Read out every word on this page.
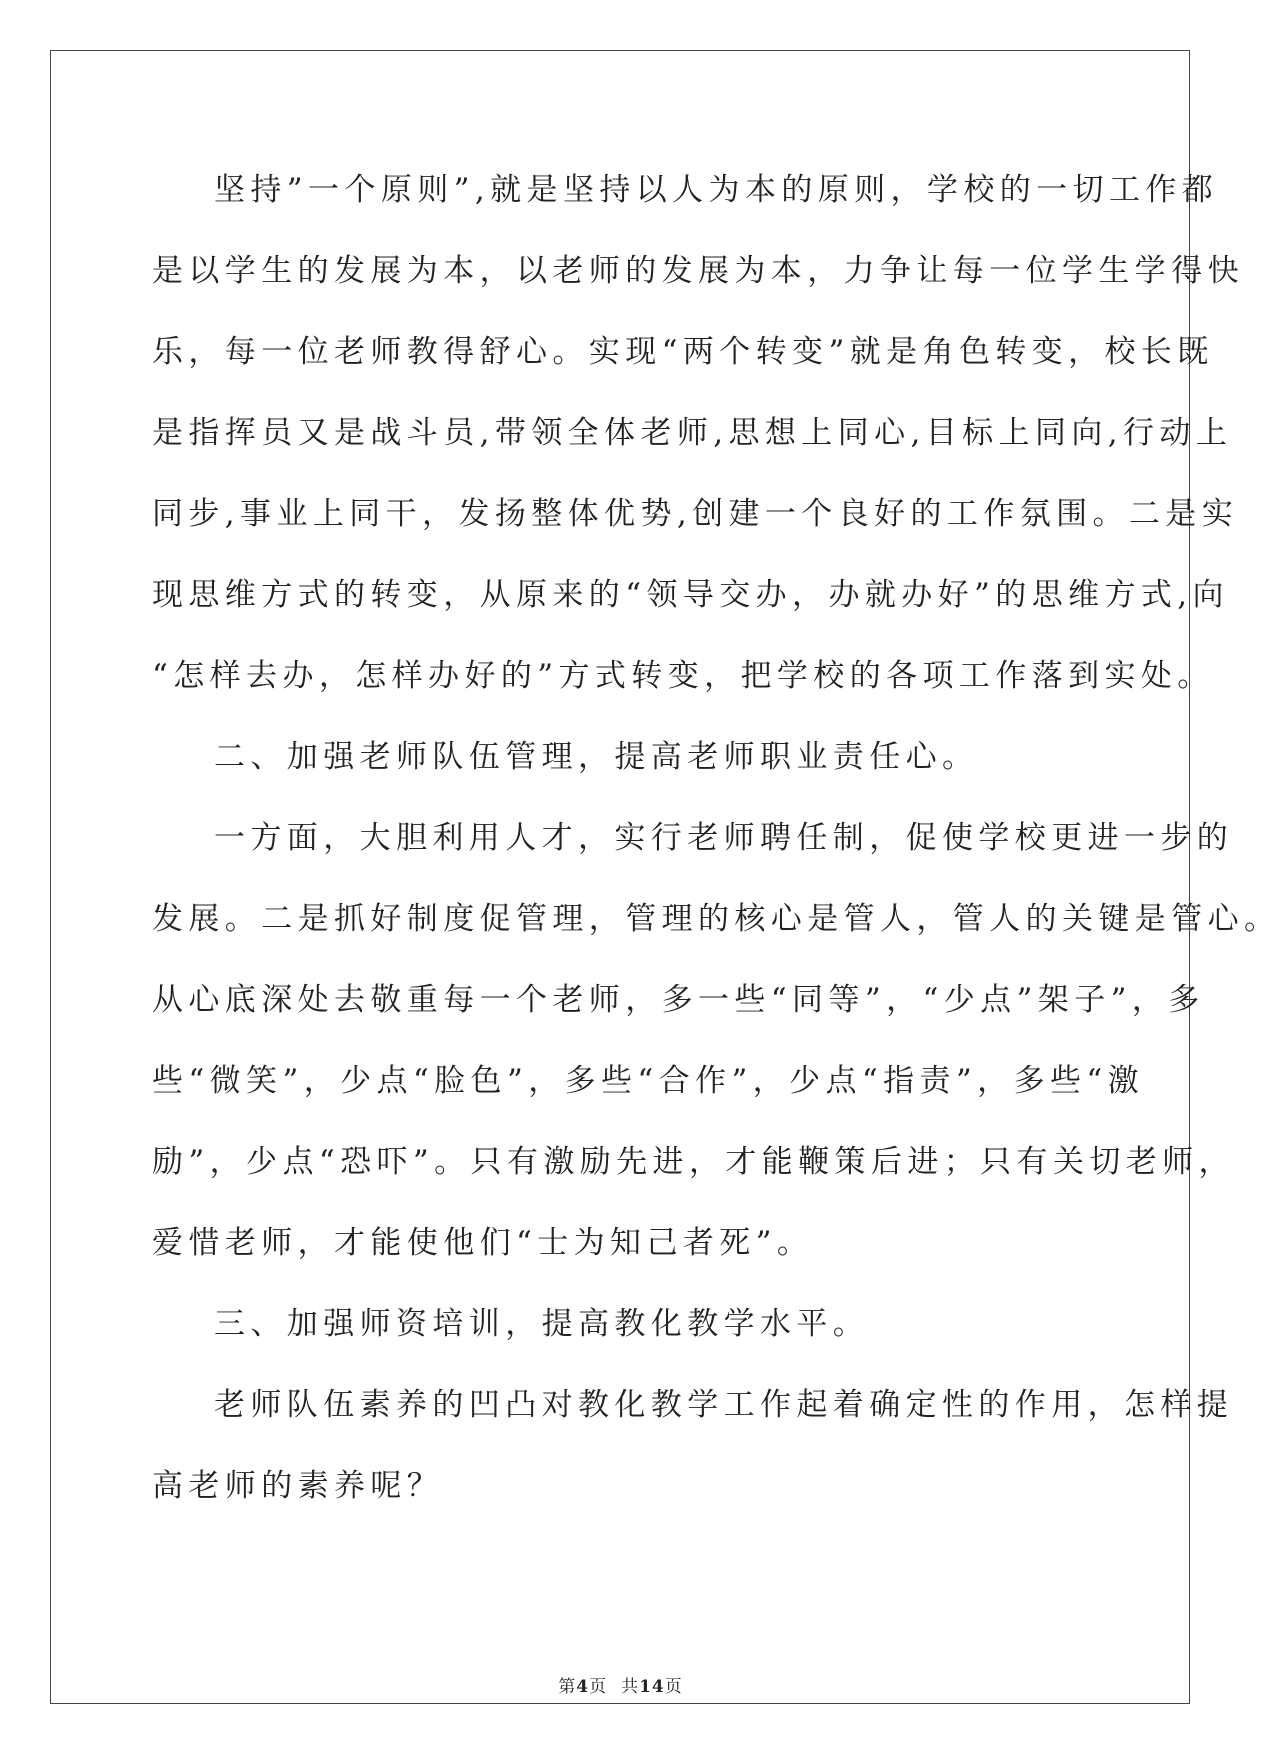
坚持”一个原则”,就是坚持以人为本的原则，学校的一切工作都
是以学生的发展为本，以老师的发展为本，力争让每一位学生学得快
乐，每一位老师教得舒心。实现“两个转变”就是角色转变，校长既
是指挥员又是战斗员,带领全体老师,思想上同心,目标上同向,行动上
同步,事业上同干，发扬整体优势,创建一个良好的工作氛围。二是实
现思维方式的转变，从原来的“领导交办，办就办好”的思维方式,向
“怎样去办，怎样办好的”方式转变，把学校的各项工作落到实处。
二、加强老师队伍管理，提高老师职业责任心。
一方面，大胆利用人才，实行老师聘任制，促使学校更进一步的
发展。二是抓好制度促管理，管理的核心是管人，管人的关键是管心。
从心底深处去敬重每一个老师，多一些“同等”，“少点”架子”，多
些“微笑”，少点“脸色”，多些“合作”，少点“指责”，多些“激
励”，少点“恐吓”。只有激励先进，才能鞭策后进；只有关切老师，
爱惜老师，才能使他们“士为知己者死”。
三、加强师资培训，提高教化教学水平。
老师队伍素养的凹凸对教化教学工作起着确定性的作用，怎样提
高老师的素养呢？
第4页 共14页
